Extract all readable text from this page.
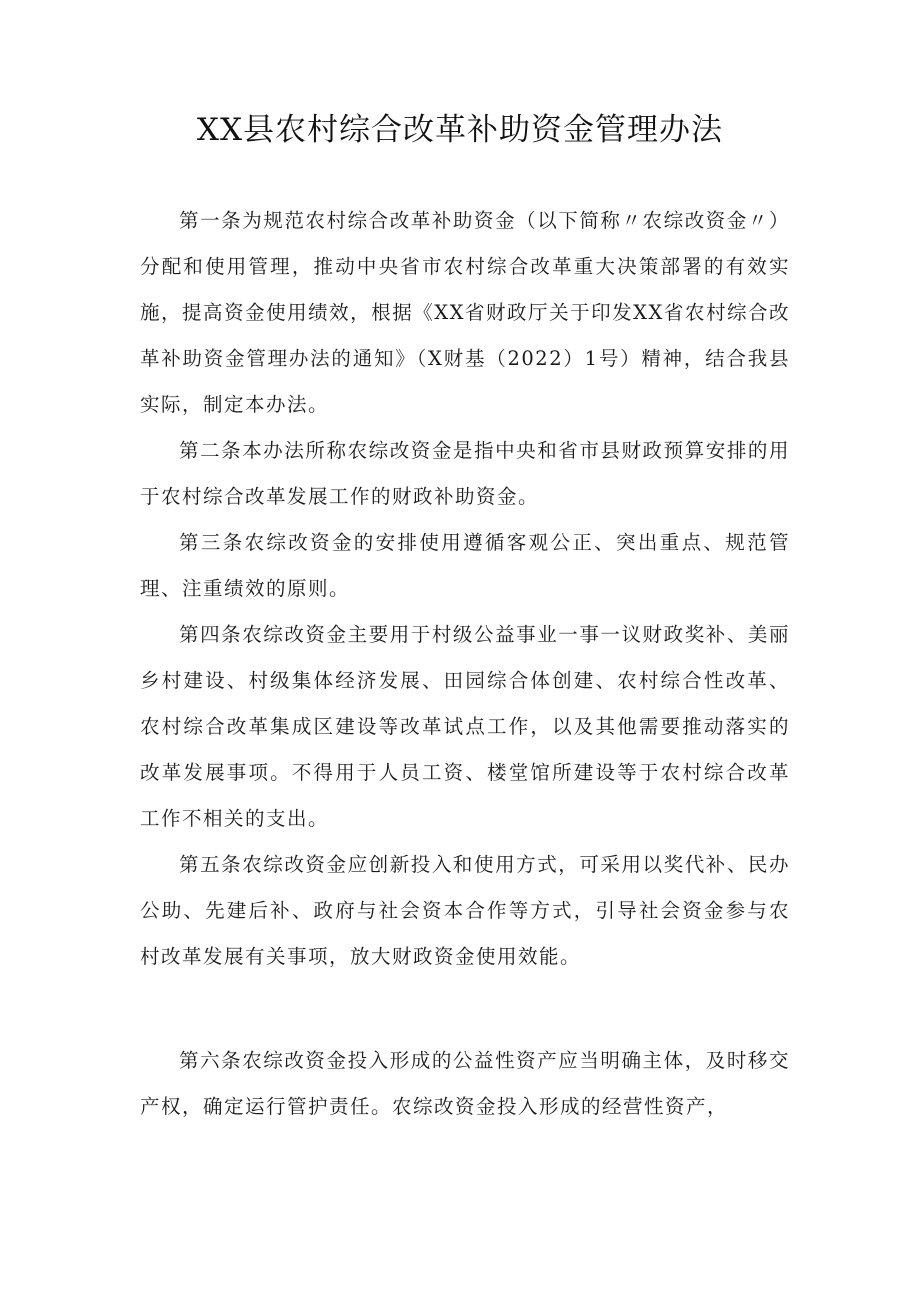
XX县农村综合改革补助资金管理办法

第一条为规范农村综合改革补助资金（以下简称〃农综改资金〃）分配和使用管理，推动中央省市农村综合改革重大决策部署的有效实施，提高资金使用绩效，根据《XX省财政厅关于印发XX省农村综合改革补助资金管理办法的通知》（X财基（2022）1号）精神，结合我县实际，制定本办法。

第二条本办法所称农综改资金是指中央和省市县财政预算安排的用于农村综合改革发展工作的财政补助资金。

第三条农综改资金的安排使用遵循客观公正、突出重点、规范管理、注重绩效的原则。

第四条农综改资金主要用于村级公益事业一事一议财政奖补、美丽乡村建设、村级集体经济发展、田园综合体创建、农村综合性改革、农村综合改革集成区建设等改革试点工作，以及其他需要推动落实的改革发展事项。不得用于人员工资、楼堂馆所建设等于农村综合改革工作不相关的支出。

第五条农综改资金应创新投入和使用方式，可采用以奖代补、民办公助、先建后补、政府与社会资本合作等方式，引导社会资金参与农村改革发展有关事项，放大财政资金使用效能。

第六条农综改资金投入形成的公益性资产应当明确主体，及时移交产权，确定运行管护责任。农综改资金投入形成的经营性资产，
